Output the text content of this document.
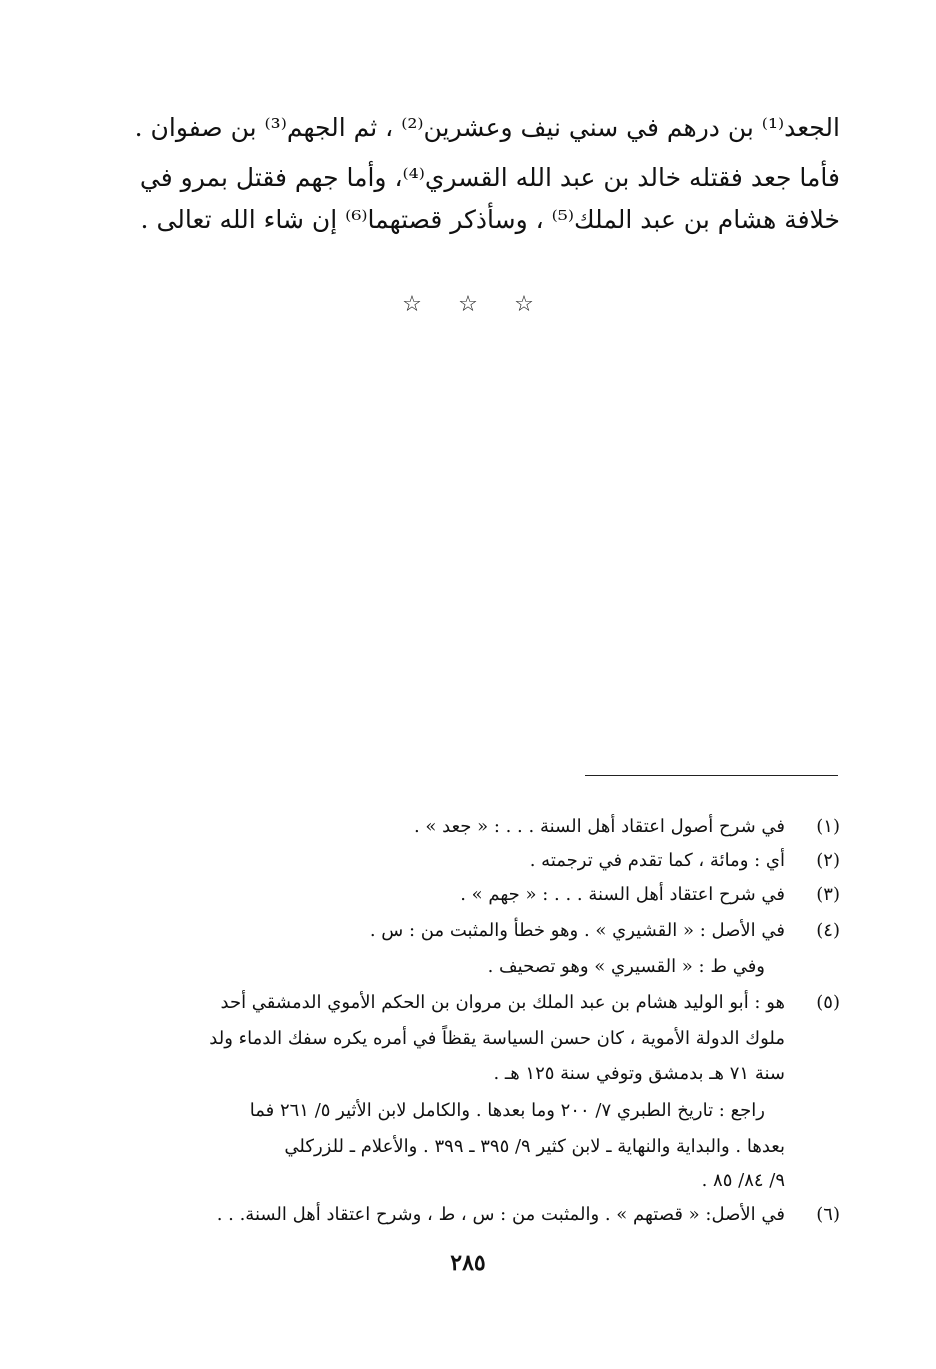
الجعد⁽¹⁾ بن درهم في سني نيف وعشرين⁽²⁾ ، ثم الجهم⁽³⁾ بن صفوان .
فأما جعد فقتله خالد بن عبد الله القسري⁽⁴⁾، وأما جهم فقتل بمرو في
خلافة هشام بن عبد الملك⁽⁵⁾ ، وسأذكر قصتهما⁽⁶⁾ إن شاء الله تعالى .
☆ ☆ ☆
(١)
في شرح أصول اعتقاد أهل السنة . . . : « جعد » .
(٢)
أي : ومائة ، كما تقدم في ترجمته .
(٣)
في شرح اعتقاد أهل السنة . . . : « جهم » .
(٤)
في الأصل : « القشيري » . وهو خطأ والمثبت من : س .
وفي ط : « القسيري » وهو تصحيف .
(٥)
هو : أبو الوليد هشام بن عبد الملك بن مروان بن الحكم الأموي الدمشقي أحد
ملوك الدولة الأموية ، كان حسن السياسة يقظاً في أمره يكره سفك الدماء ولد
سنة ٧١ هـ بدمشق وتوفي سنة ١٢٥ هـ .
راجع : تاريخ الطبري ٧/ ٢٠٠ وما بعدها . والكامل لابن الأثير ٥/ ٢٦١ فما
بعدها . والبداية والنهاية ـ لابن كثير ٩/ ٣٩٥ ـ ٣٩٩ . والأعلام ـ للزركلي
٩/ ٨٤/ ٨٥ .
(٦)
في الأصل: « قصتهم » . والمثبت من : س ، ط ، وشرح اعتقاد أهل السنة. . .
٢٨٥
